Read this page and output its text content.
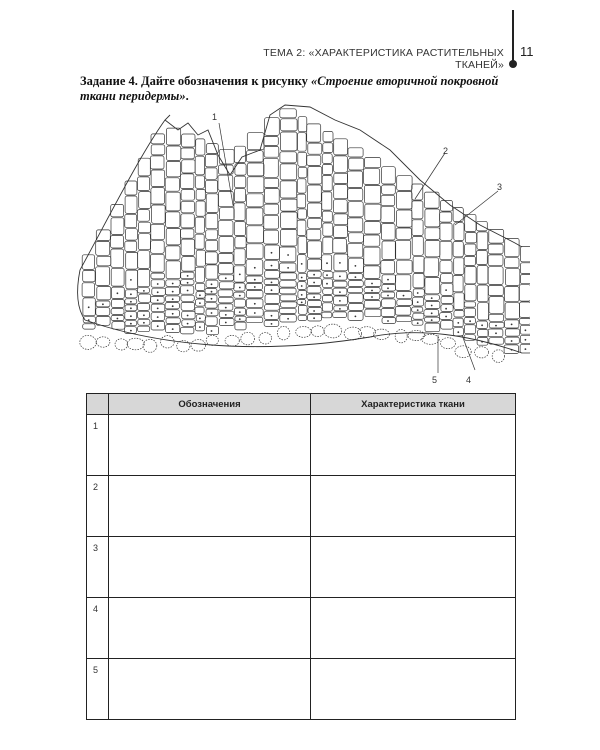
ТЕМА 2: «ХАРАКТЕРИСТИКА РАСТИТЕЛЬНЫХ ТКАНЕЙ»
11
Задание 4. Дайте обозначения к рисунку «Строение вторичной покровной ткани перидермы».
1
2
3
4
5
	Обозначения	Характеристика ткани
1		
2		
3		
4		
5		
